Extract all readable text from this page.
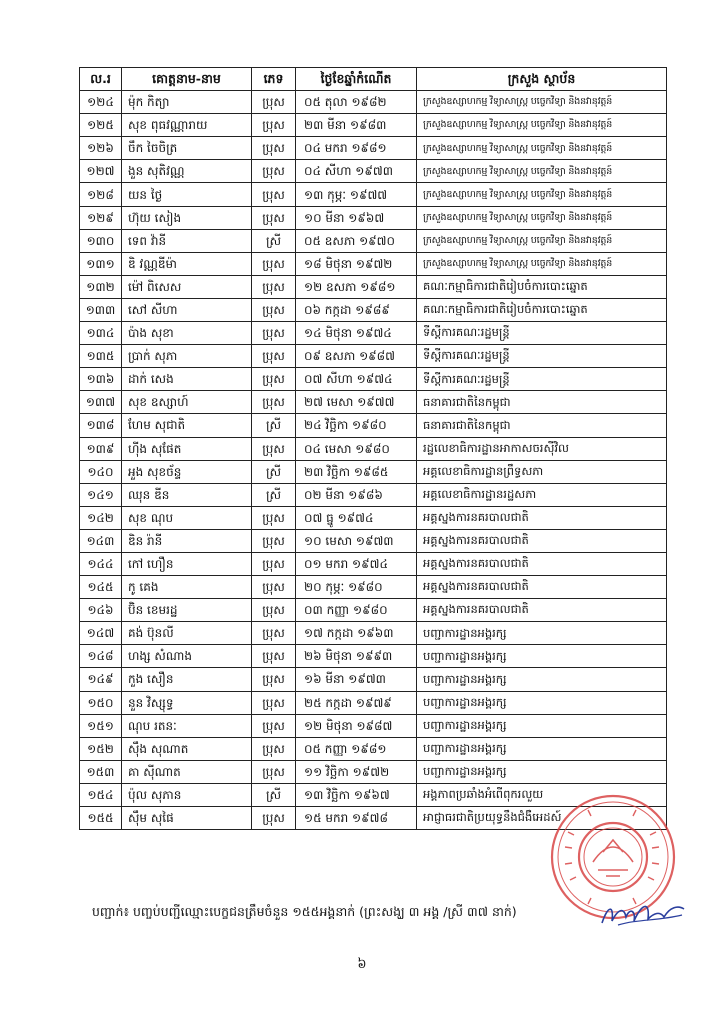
ល.រ	គោត្តនាម-នាម	ភេទ	ថ្ងៃខែឆ្នាំកំណើត	ក្រសួង ស្ថាប័ន
១២៤	ម៉ុក កិត្យា	ប្រុស	០៥ តុលា ១៩៨២	ក្រសួងឧស្សាហកម្ម វិទ្យាសាស្ត្រ បច្ចេកវិទ្យា និងនវានុវត្តន៍
១២៥	សុខ ពុធវណ្ណារាយ	ប្រុស	២៣ មីនា ១៩៨៣	ក្រសួងឧស្សាហកម្ម វិទ្យាសាស្ត្រ បច្ចេកវិទ្យា និងនវានុវត្តន៍
១២៦	ចឹក ចៃចិត្រ	ប្រុស	០៤ មករា ១៩៨១	ក្រសួងឧស្សាហកម្ម វិទ្យាសាស្ត្រ បច្ចេកវិទ្យា និងនវានុវត្តន៍
១២៧	ងួន សុតិវណ្ណ	ប្រុស	០៤ សីហា ១៩៧៣	ក្រសួងឧស្សាហកម្ម វិទ្យាសាស្ត្រ បច្ចេកវិទ្យា និងនវានុវត្តន៍
១២៨	យន ថ្ងៃ	ប្រុស	១៣ កុម្ភៈ ១៩៧៧	ក្រសួងឧស្សាហកម្ម វិទ្យាសាស្ត្រ បច្ចេកវិទ្យា និងនវានុវត្តន៍
១២៩	ហ៊ុយ សៀង	ប្រុស	១០ មីនា ១៩៦៧	ក្រសួងឧស្សាហកម្ម វិទ្យាសាស្ត្រ បច្ចេកវិទ្យា និងនវានុវត្តន៍
១៣០	ទេព វ៉ានី	ស្រី	០៥ ឧសភា ១៩៧០	ក្រសួងឧស្សាហកម្ម វិទ្យាសាស្ត្រ បច្ចេកវិទ្យា និងនវានុវត្តន៍
១៣១	ឌិ វណ្ណឌីម៉ា	ប្រុស	១៨ មិថុនា ១៩៧២	ក្រសួងឧស្សាហកម្ម វិទ្យាសាស្ត្រ បច្ចេកវិទ្យា និងនវានុវត្តន៍
១៣២	ម៉ៅ ពិសេស	ប្រុស	១២ ឧសភា ១៩៨១	គណៈកម្មាធិការជាតិរៀបចំការបោះឆ្នោត
១៣៣	សៅ សីហា	ប្រុស	០៦ កក្កដា ១៩៨៩	គណៈកម្មាធិការជាតិរៀបចំការបោះឆ្នោត
១៣៤	ប៉ាង សុខា	ប្រុស	១៤ មិថុនា ១៩៧៤	ទីស្តីការគណៈរដ្ឋមន្ត្រី
១៣៥	ប្រាក់ សុភា	ប្រុស	០៩ ឧសភា ១៩៨៧	ទីស្តីការគណៈរដ្ឋមន្ត្រី
១៣៦	ដាក់ សេង	ប្រុស	០៧ សីហា ១៩៧៤	ទីស្តីការគណៈរដ្ឋមន្ត្រី
១៣៧	សុខ ឧស្សាហ៍	ប្រុស	២៧ មេសា ១៩៧៧	ធនាគារជាតិនៃកម្ពុជា
១៣៨	ហែម សុជាតិ	ស្រី	២៤ វិច្ឆិកា ១៩៨០	ធនាគារជាតិនៃកម្ពុជា
១៣៩	ហ៊ីង សុផែត	ប្រុស	០៤ មេសា ១៩៨០	រដ្ឋលេខាធិការដ្ឋានអាកាសចរស៊ីវិល
១៤០	អួង សុខច័ន្ទ	ស្រី	២៣ វិច្ឆិកា ១៩៨៥	អគ្គលេខាធិការដ្ឋានព្រឹទ្ធសភា
១៤១	ឈុន ឌីន	ស្រី	០២ មីនា ១៩៨៦	អគ្គលេខាធិការដ្ឋានរដ្ឋសភា
១៤២	សុខ ណុប	ប្រុស	០៧ ធ្នូ ១៩៧៤	អគ្គស្នងការនគរបាលជាតិ
១៤៣	ឌិន រ៉ានី	ប្រុស	១០ មេសា ១៩៧៣	អគ្គស្នងការនគរបាលជាតិ
១៤៤	កៅ ហឿន	ប្រុស	០១ មករា ១៩៧៤	អគ្គស្នងការនគរបាលជាតិ
១៤៥	កូ គេង	ប្រុស	២០ កុម្ភៈ ១៩៨០	អគ្គស្នងការនគរបាលជាតិ
១៤៦	ប៊ិន ខេមរដ្ឋ	ប្រុស	០៣ កញ្ញា ១៩៨០	អគ្គស្នងការនគរបាលជាតិ
១៤៧	គង់ ប៊ុនលី	ប្រុស	១៧ កក្កដា ១៩៦៣	បញ្ជាការដ្ឋានអង្គរក្ស
១៤៨	ហង្ស សំណាង	ប្រុស	២៦ មិថុនា ១៩៩៣	បញ្ជាការដ្ឋានអង្គរក្ស
១៤៩	កួង សឿន	ប្រុស	១៦ មីនា ១៩៧៣	បញ្ជាការដ្ឋានអង្គរក្ស
១៥០	នួន វិស្សុទ្ធ	ប្រុស	២៥ កក្កដា ១៩៧៩	បញ្ជាការដ្ឋានអង្គរក្ស
១៥១	ណុប រតនៈ	ប្រុស	១២ មិថុនា ១៩៨៧	បញ្ជាការដ្ឋានអង្គរក្ស
១៥២	ស៊ឹង សុណាត	ប្រុស	០៥ កញ្ញា ១៩៨១	បញ្ជាការដ្ឋានអង្គរក្ស
១៥៣	គា ស៊ីណាត	ប្រុស	១១ វិច្ឆិកា ១៩៧២	បញ្ជាការដ្ឋានអង្គរក្ស
១៥៤	ប៉ុល សុភាន	ស្រី	១៣ វិច្ឆិកា ១៩៦៧	អង្គភាពប្រឆាំងអំពើពុករលួយ
១៥៥	ស៊ឹម សុផៃ	ប្រុស	១៥ មករា ១៩៧៨	អាជ្ញាធរជាតិប្រយុទ្ធនឹងជំងឺអេដស៍
បញ្ជាក់៖ បញ្ចប់បញ្ជីឈ្មោះបេក្ខជនត្រឹមចំនួន ១៥៥អង្គនាក់ (ព្រះសង្ឃ ៣ អង្គ /ស្រី ៣៧ នាក់)
៦
